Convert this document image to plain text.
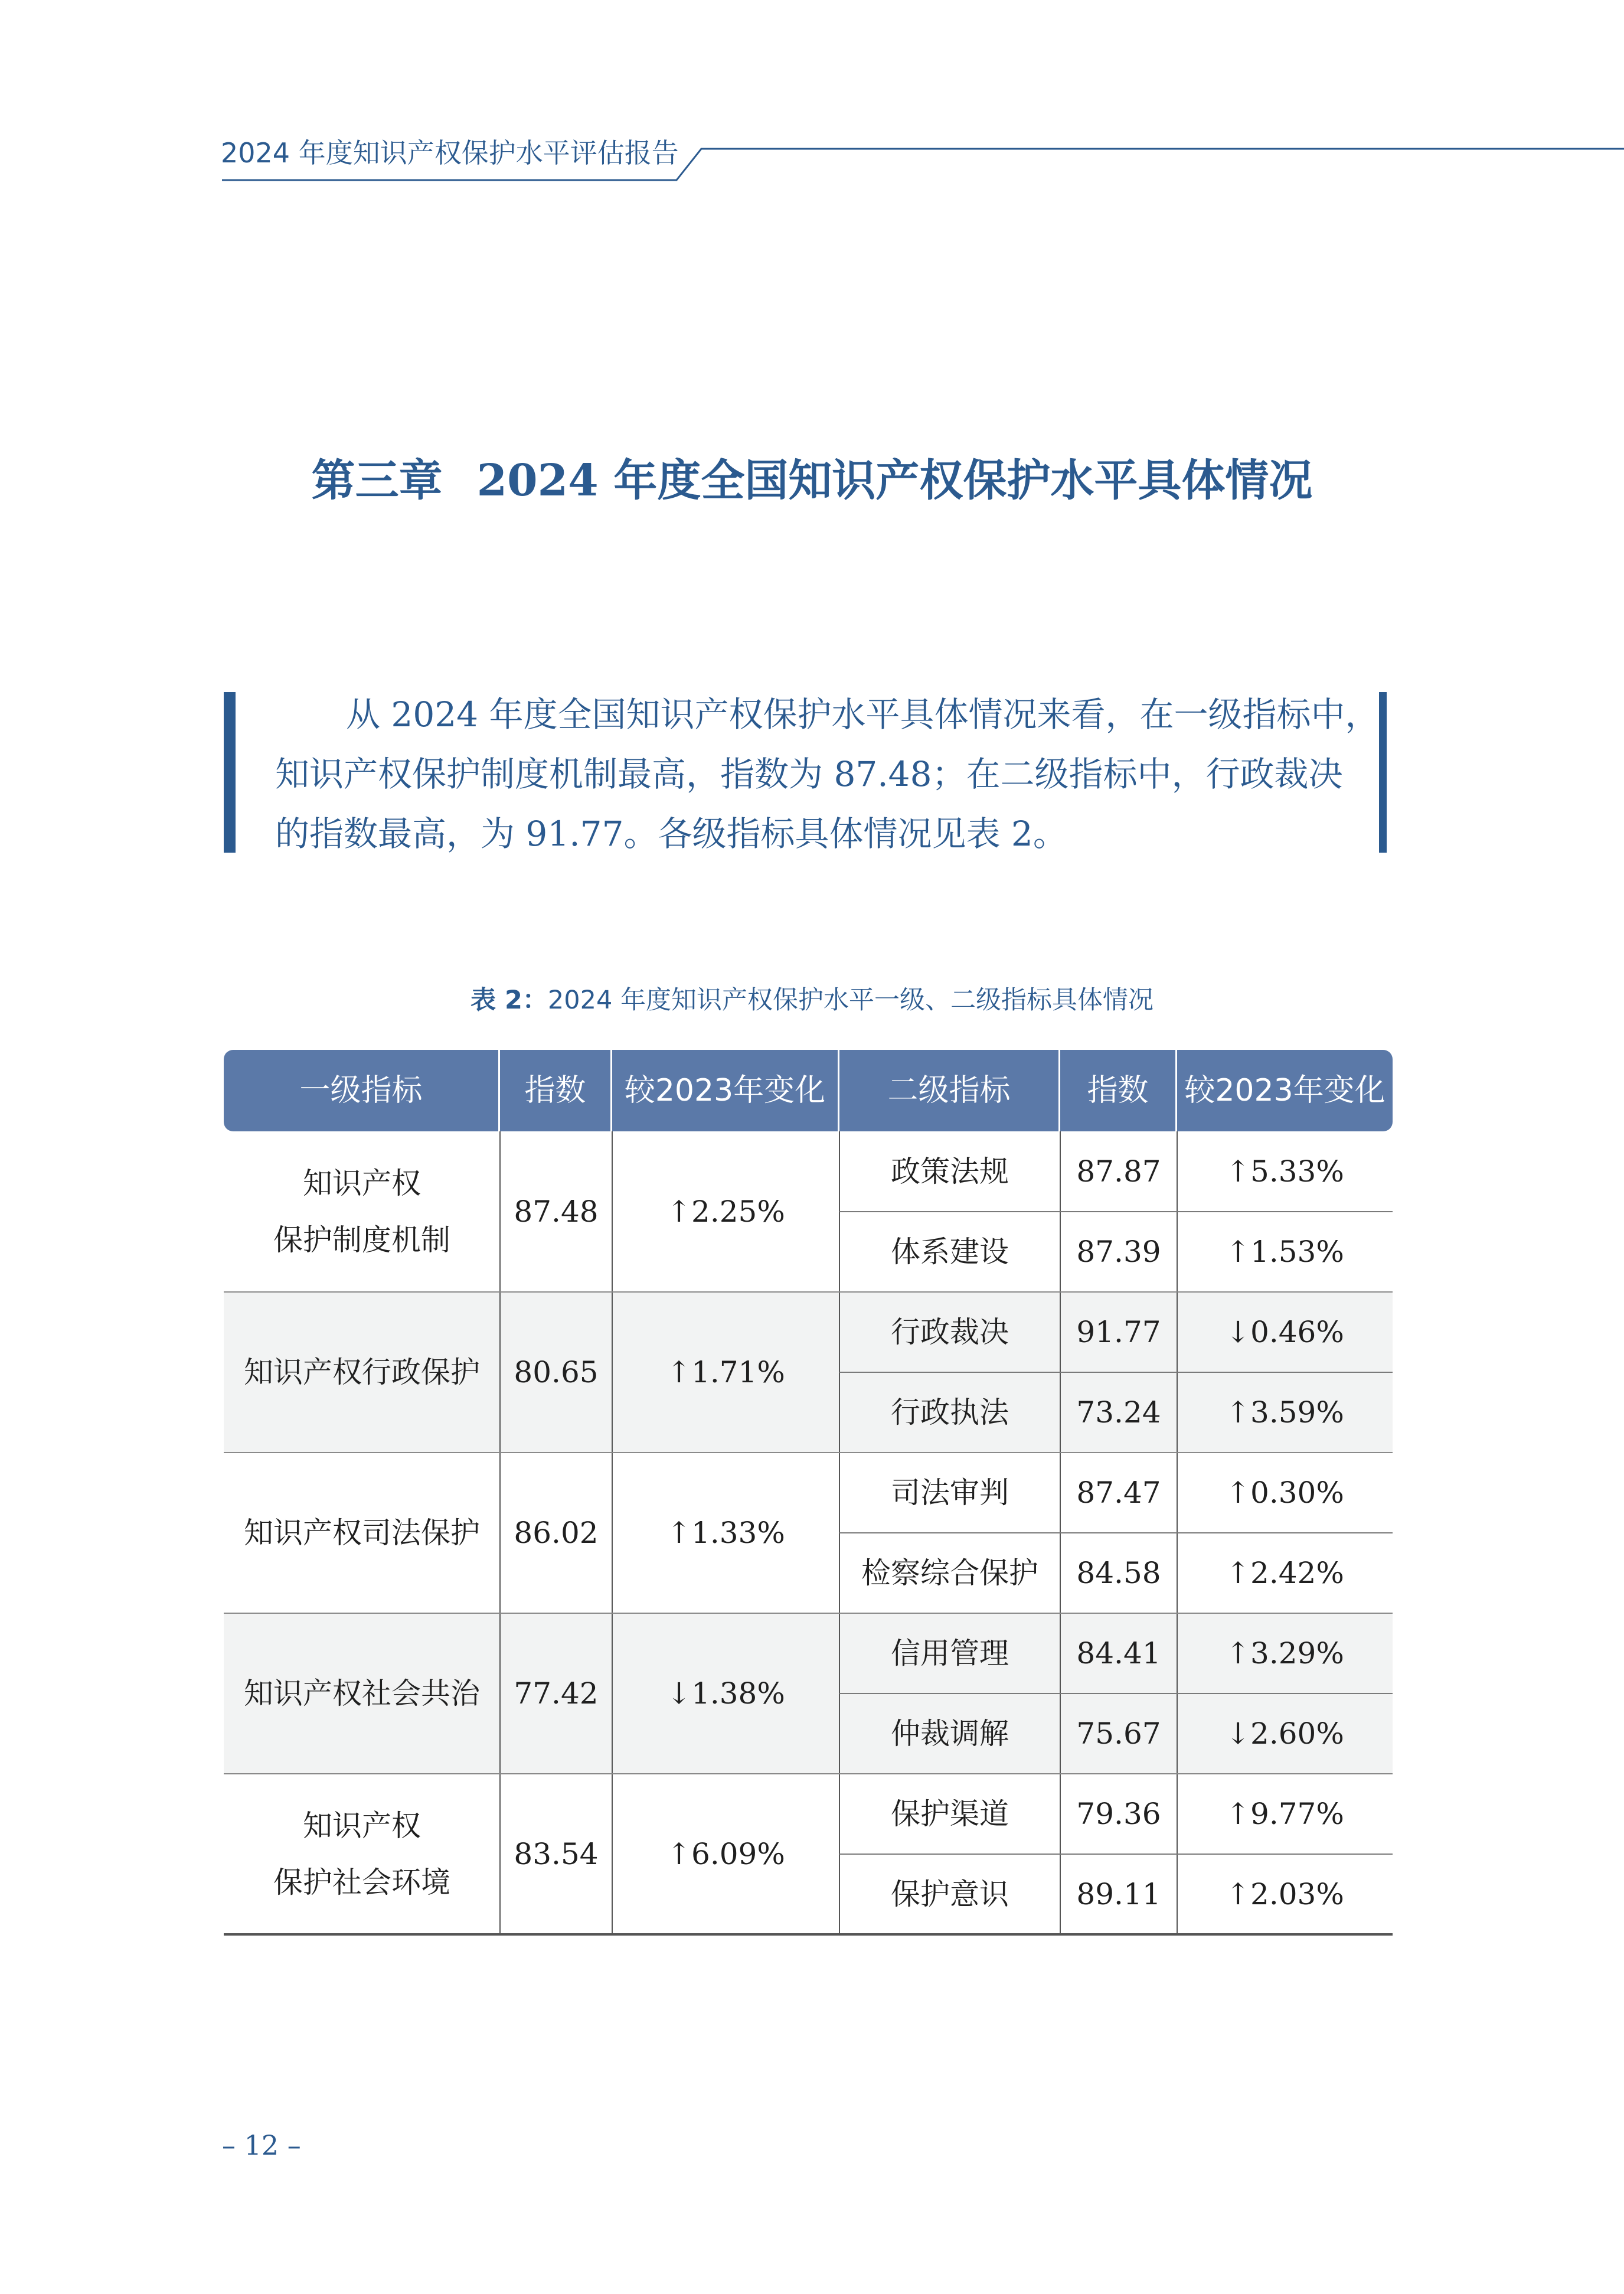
2024 年度知识产权保护水平评估报告
第三章 2024 年度全国知识产权保护水平具体情况
从 2024 年度全国知识产权保护水平具体情况来看，在一级指标中，
知识产权保护制度机制最高，指数为 87.48；在二级指标中，行政裁决
的指数最高，为 91.77。各级指标具体情况见表 2。
表 2：2024 年度知识产权保护水平一级、二级指标具体情况
一级指标	指数	较2023年变化	二级指标	指数	较2023年变化
知识产权
保护制度机制
87.48	↑2.25%
政策法规	87.87	↑5.33%
体系建设	87.39	↑1.53%
知识产权行政保护	80.65	↑1.71%
行政裁决	91.77	↓0.46%
行政执法	73.24	↑3.59%
知识产权司法保护	86.02	↑1.33%
司法审判	87.47	↑0.30%
检察综合保护	84.58	↑2.42%
知识产权社会共治	77.42	↓1.38%
信用管理	84.41	↑3.29%
仲裁调解	75.67	↓2.60%
知识产权
保护社会环境
83.54	↑6.09%
保护渠道	79.36	↑9.77%
保护意识	89.11	↑2.03%
– 12 –
